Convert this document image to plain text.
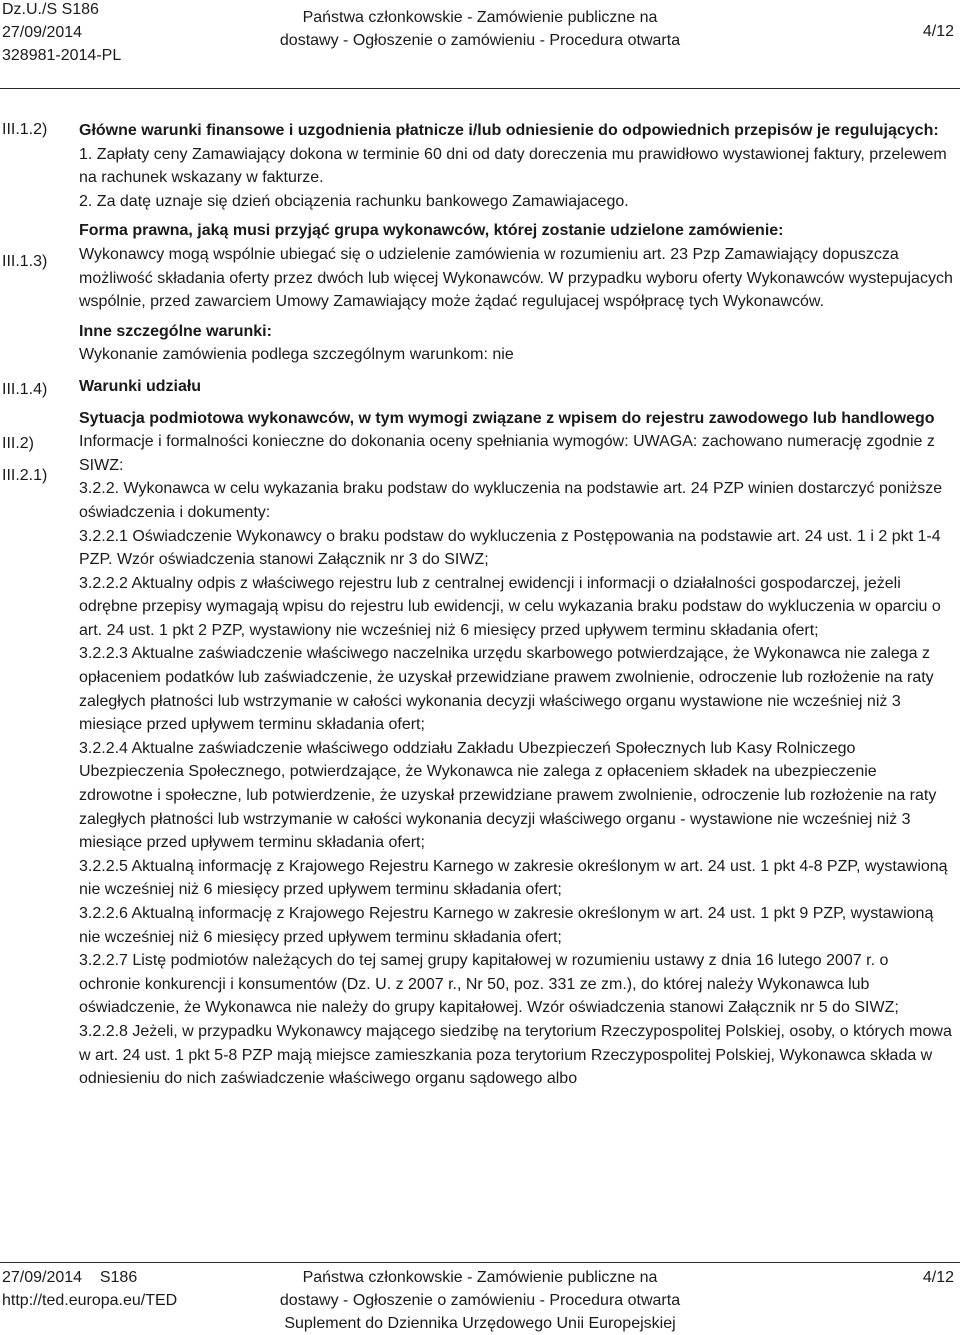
Dz.U./S S186
27/09/2014
328981-2014-PL
Państwa członkowskie - Zamówienie publiczne na
dostawy - Ogłoszenie o zamówieniu - Procedura otwarta
4/12
III.1.2)
III.1.3)
III.1.4)
III.2)
III.2.1)

Główne warunki finansowe i uzgodnienia płatnicze i/lub odniesienie do odpowiednich przepisów je regulujących:

1. Zapłaty ceny Zamawiający dokona w terminie 60 dni od daty doreczenia mu prawidłowo wystawionej faktury, przelewem na rachunek wskazany w fakturze.

2. Za datę uznaje się dzień obciązenia rachunku bankowego Zamawiajacego.

Forma prawna, jaką musi przyjąć grupa wykonawców, której zostanie udzielone zamówienie:

Wykonawcy mogą wspólnie ubiegać się o udzielenie zamówienia w rozumieniu art. 23 Pzp Zamawiający dopuszcza możliwość składania oferty przez dwóch lub więcej Wykonawców. W przypadku wyboru oferty Wykonawców wystepujacych wspólnie, przed zawarciem Umowy Zamawiający może żądać regulujacej współpracę tych Wykonawców.

Inne szczególne warunki:

Wykonanie zamówienia podlega szczególnym warunkom: nie

Warunki udziału

Sytuacja podmiotowa wykonawców, w tym wymogi związane z wpisem do rejestru zawodowego lub handlowego

Informacje i formalności konieczne do dokonania oceny spełniania wymogów: UWAGA: zachowano numerację zgodnie z SIWZ:

3.2.2. Wykonawca w celu wykazania braku podstaw do wykluczenia na podstawie art. 24 PZP winien dostarczyć poniższe oświadczenia i dokumenty:

3.2.2.1 Oświadczenie Wykonawcy o braku podstaw do wykluczenia z Postępowania na podstawie art. 24 ust. 1 i 2 pkt 1-4 PZP. Wzór oświadczenia stanowi Załącznik nr 3 do SIWZ;

3.2.2.2 Aktualny odpis z właściwego rejestru lub z centralnej ewidencji i informacji o działalności gospodarczej, jeżeli odrębne przepisy wymagają wpisu do rejestru lub ewidencji, w celu wykazania braku podstaw do wykluczenia w oparciu o art. 24 ust. 1 pkt 2 PZP, wystawiony nie wcześniej niż 6 miesięcy przed upływem terminu składania ofert;

3.2.2.3 Aktualne zaświadczenie właściwego naczelnika urzędu skarbowego potwierdzające, że Wykonawca nie zalega z opłaceniem podatków lub zaświadczenie, że uzyskał przewidziane prawem zwolnienie, odroczenie lub rozłożenie na raty zaległych płatności lub wstrzymanie w całości wykonania decyzji właściwego organu wystawione nie wcześniej niż 3 miesiące przed upływem terminu składania ofert;

3.2.2.4 Aktualne zaświadczenie właściwego oddziału Zakładu Ubezpieczeń Społecznych lub Kasy Rolniczego Ubezpieczenia Społecznego, potwierdzające, że Wykonawca nie zalega z opłaceniem składek na ubezpieczenie zdrowotne i społeczne, lub potwierdzenie, że uzyskał przewidziane prawem zwolnienie, odroczenie lub rozłożenie na raty zaległych płatności lub wstrzymanie w całości wykonania decyzji właściwego organu - wystawione nie wcześniej niż 3 miesiące przed upływem terminu składania ofert;

3.2.2.5 Aktualną informację z Krajowego Rejestru Karnego w zakresie określonym w art. 24 ust. 1 pkt 4-8 PZP, wystawioną nie wcześniej niż 6 miesięcy przed upływem terminu składania ofert;

3.2.2.6 Aktualną informację z Krajowego Rejestru Karnego w zakresie określonym w art. 24 ust. 1 pkt 9 PZP, wystawioną nie wcześniej niż 6 miesięcy przed upływem terminu składania ofert;

3.2.2.7 Listę podmiotów należących do tej samej grupy kapitałowej w rozumieniu ustawy z dnia 16 lutego 2007 r. o ochronie konkurencji i konsumentów (Dz. U. z 2007 r., Nr 50, poz. 331 ze zm.), do której należy Wykonawca lub oświadczenie, że Wykonawca nie należy do grupy kapitałowej. Wzór oświadczenia stanowi Załącznik nr 5 do SIWZ;

3.2.2.8 Jeżeli, w przypadku Wykonawcy mającego siedzibę na terytorium Rzeczypospolitej Polskiej, osoby, o których mowa w art. 24 ust. 1 pkt 5-8 PZP mają miejsce zamieszkania poza terytorium Rzeczypospolitej Polskiej, Wykonawca składa w odniesieniu do nich zaświadczenie właściwego organu sądowego albo

27/09/2014 S186
http://ted.europa.eu/TED
Państwa członkowskie - Zamówienie publiczne na
dostawy - Ogłoszenie o zamówieniu - Procedura otwarta
Suplement do Dziennika Urzędowego Unii Europejskiej
4/12
